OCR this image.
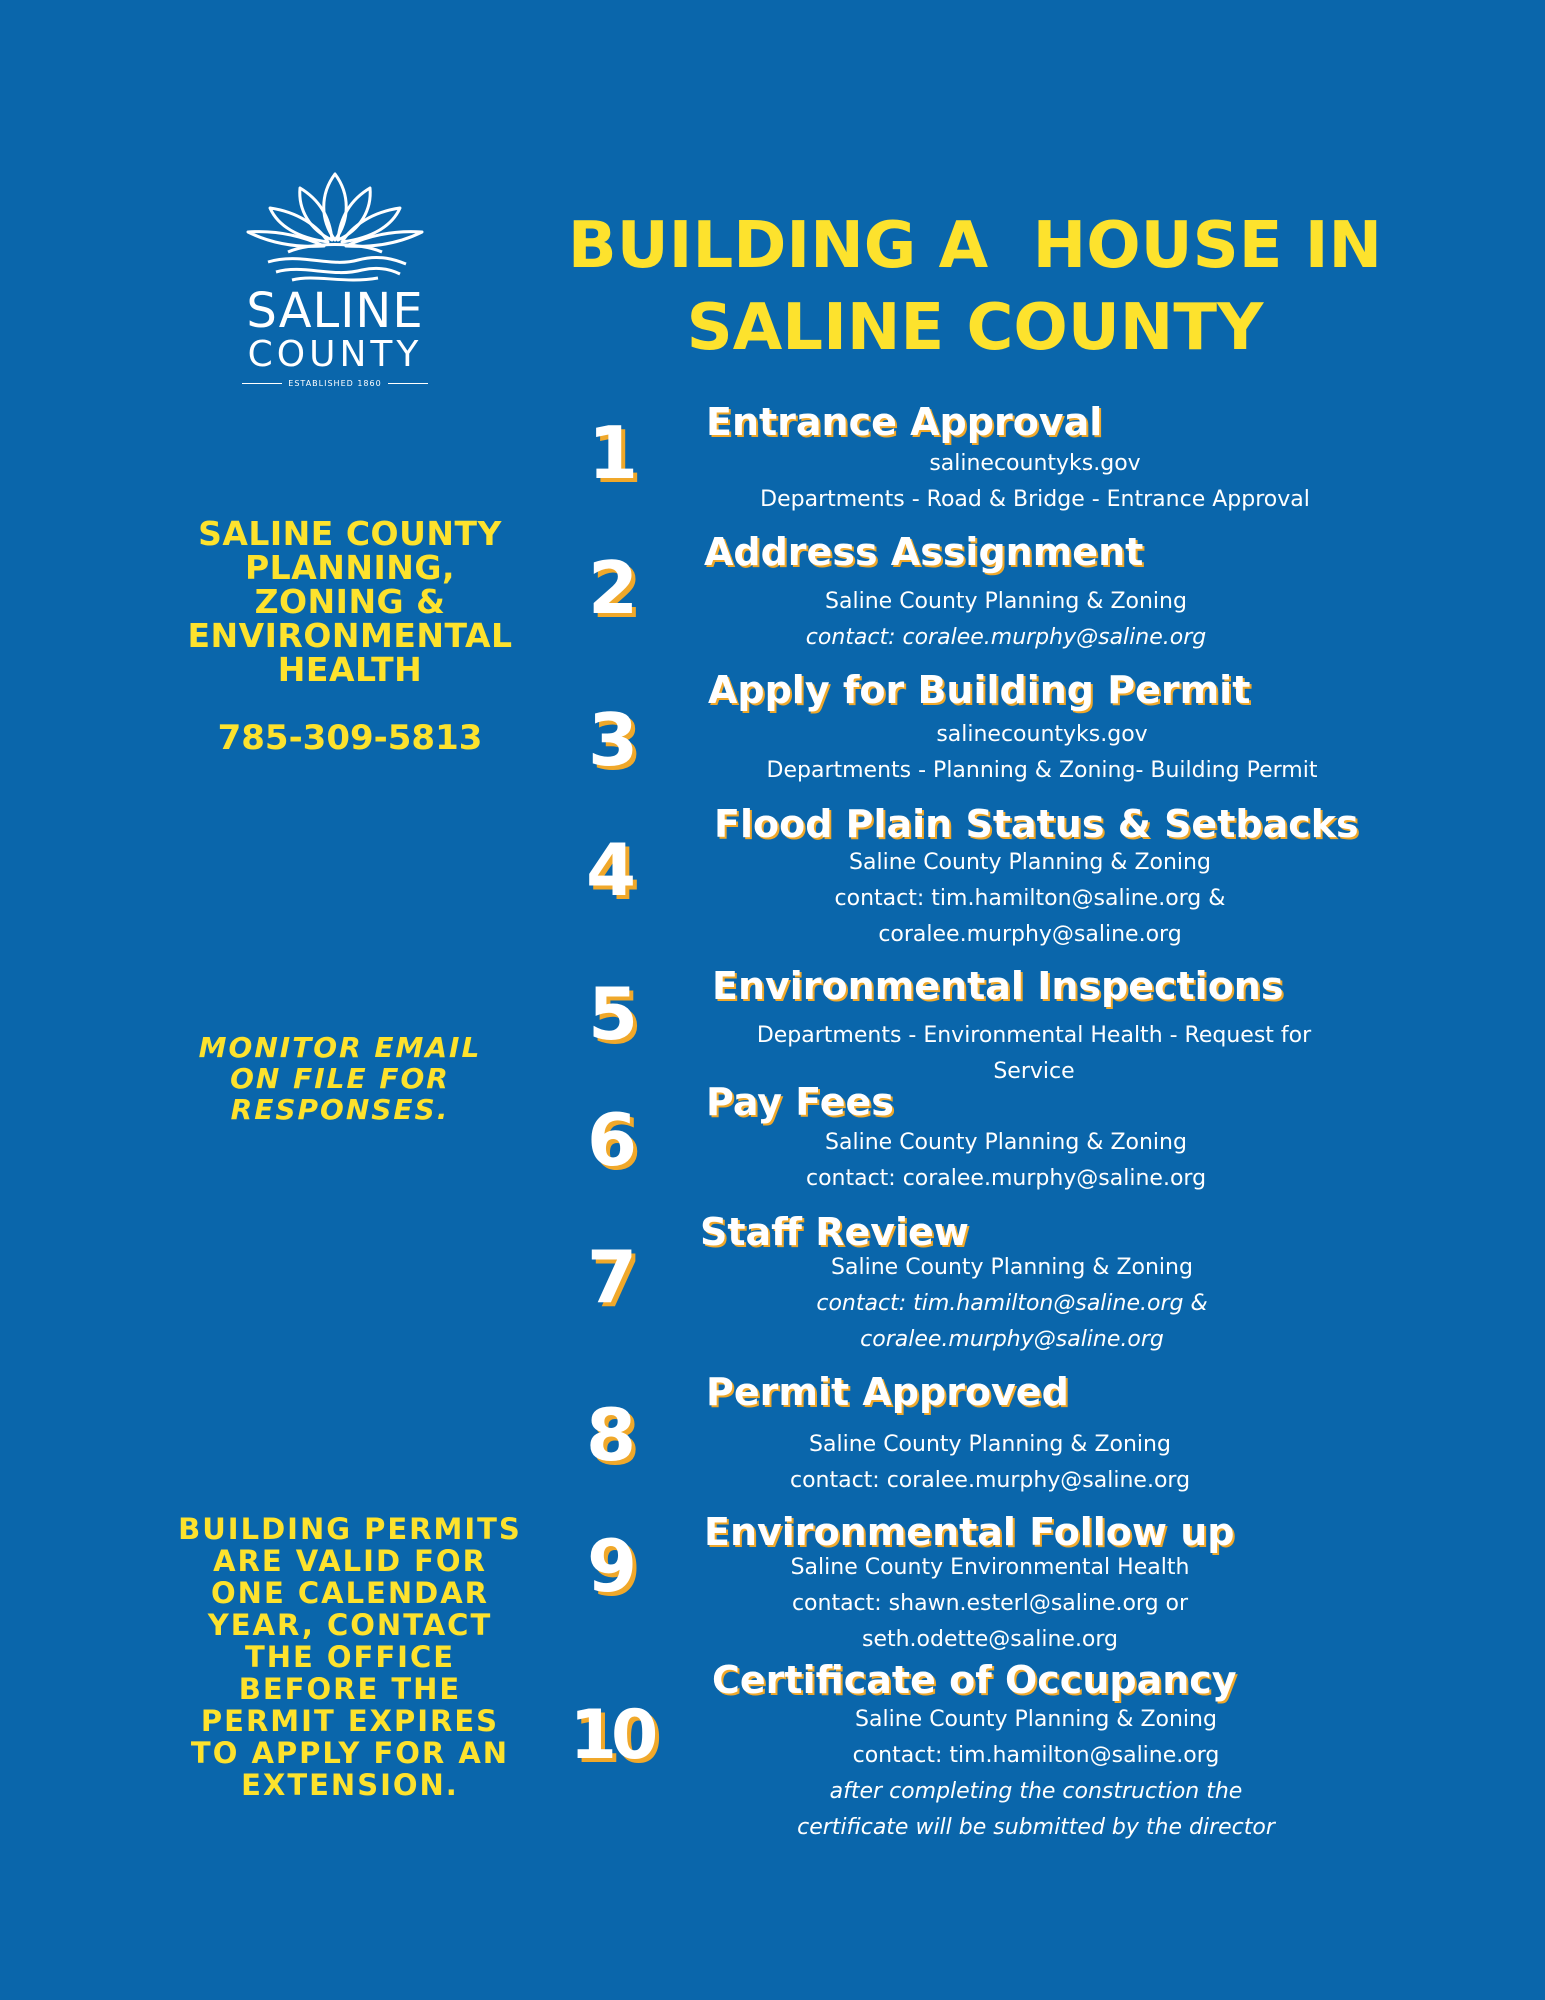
SALINE
COUNTY
ESTABLISHED 1860
BUILDING A  HOUSE IN
SALINE COUNTY
SALINE COUNTY
PLANNING,
ZONING &
ENVIRONMENTAL
HEALTH
785-309-5813
MONITOR EMAIL
ON FILE FOR
RESPONSES.
BUILDING PERMITS
ARE VALID FOR
ONE CALENDAR
YEAR, CONTACT
THE OFFICE
BEFORE THE
PERMIT EXPIRES
TO APPLY FOR AN
EXTENSION.
1	Entrance Approval
salinecountyks.gov
Departments - Road & Bridge - Entrance Approval
2	Address Assignment
Saline County Planning & Zoning
contact: coralee.murphy@saline.org
3
Apply for Building Permit
salinecountyks.gov
Departments - Planning & Zoning- Building Permit
4
Flood Plain Status & Setbacks
Saline County Planning & Zoning
contact: tim.hamilton@saline.org &
coralee.murphy@saline.org
5	Environmental Inspections
Departments - Environmental Health - Request for
Service
6	Pay Fees
Saline County Planning & Zoning
contact: coralee.murphy@saline.org
7
Staff Review
Saline County Planning & Zoning
contact: tim.hamilton@saline.org &
coralee.murphy@saline.org
8
Permit Approved
Saline County Planning & Zoning
contact: coralee.murphy@saline.org
9	Environmental Follow up
Saline County Environmental Health
contact: shawn.esterl@saline.org or
seth.odette@saline.org
10
Certificate of Occupancy
Saline County Planning & Zoning
contact: tim.hamilton@saline.org
after completing the construction the
certificate will be submitted by the director
